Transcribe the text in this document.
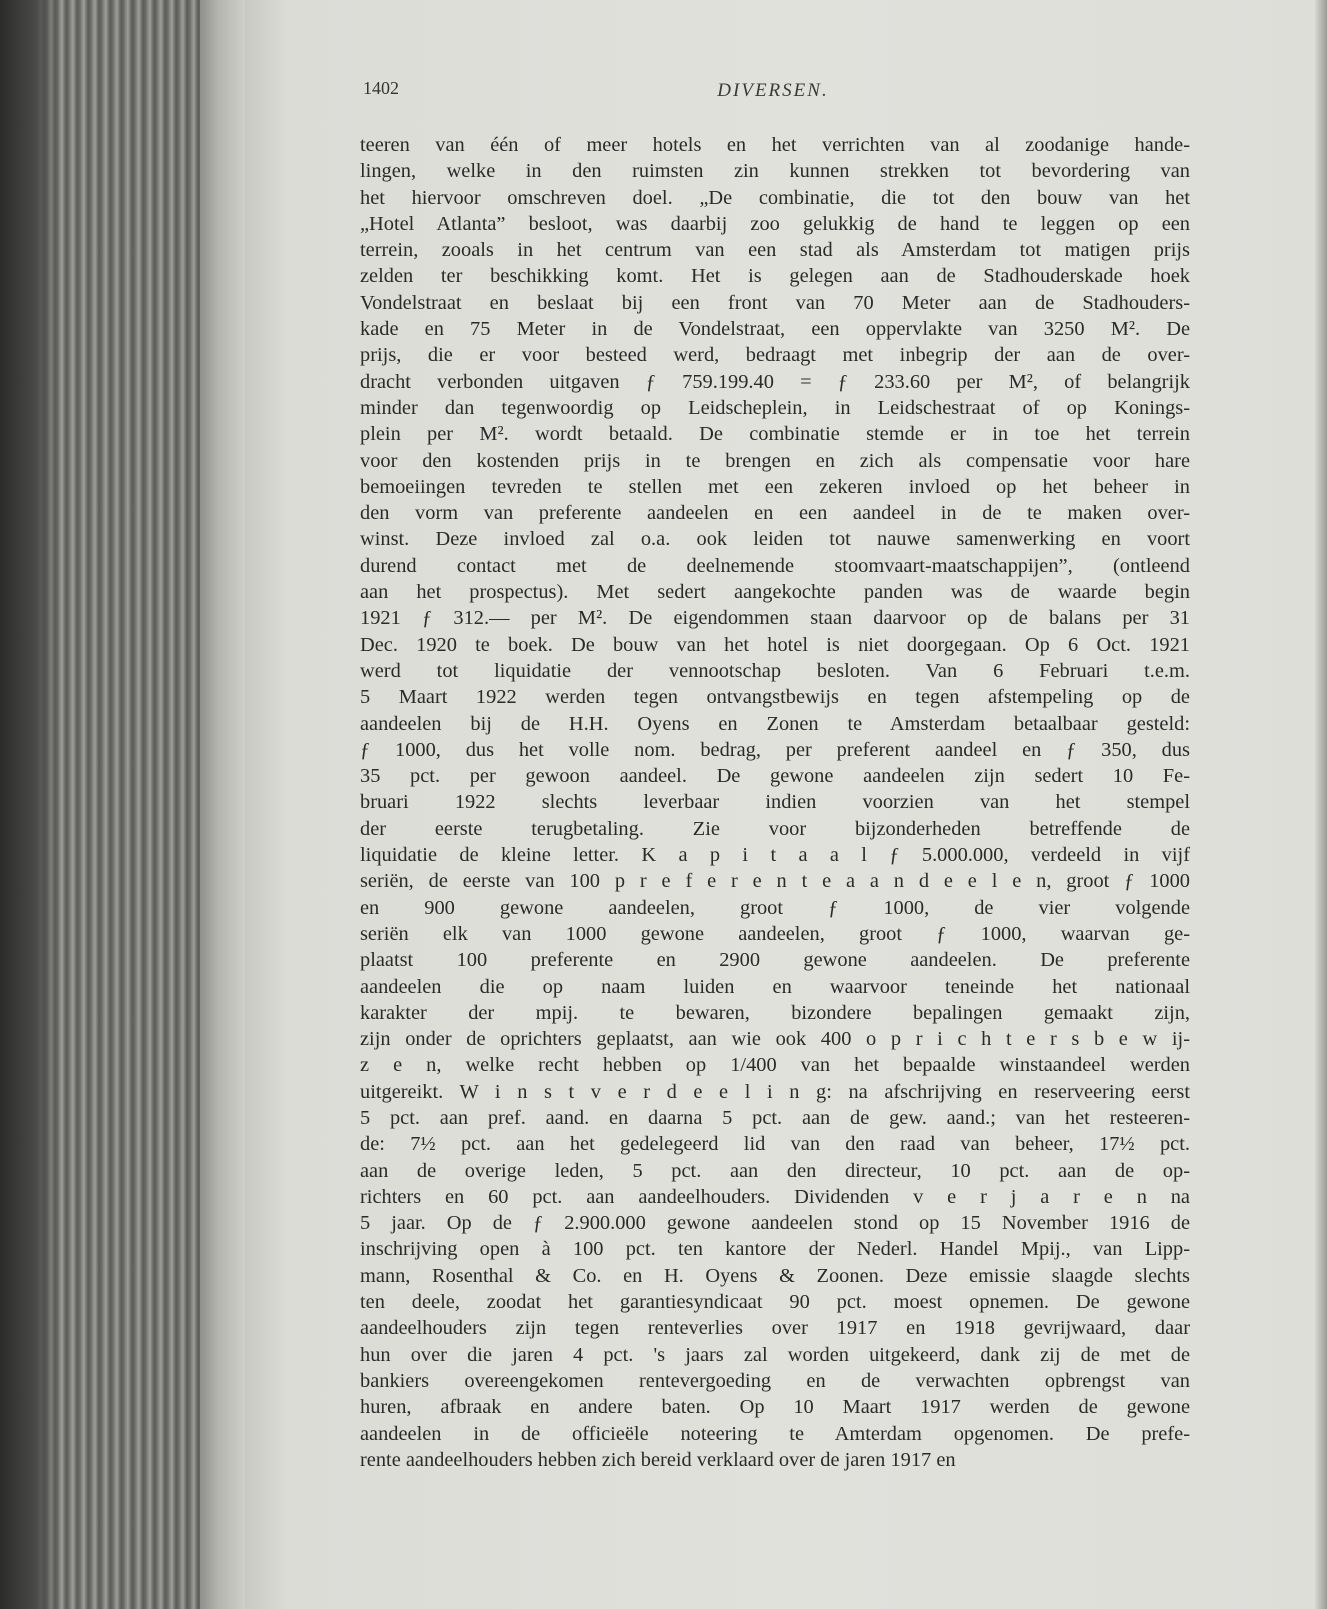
1402	DIVERSEN.
teeren van één of meer hotels en het verrichten van al zoodanige hande-
lingen, welke in den ruimsten zin kunnen strekken tot bevordering van
het hiervoor omschreven doel. „De combinatie, die tot den bouw van het
„Hotel Atlanta” besloot, was daarbij zoo gelukkig de hand te leggen op een
terrein, zooals in het centrum van een stad als Amsterdam tot matigen prijs
zelden ter beschikking komt. Het is gelegen aan de Stadhouderskade hoek
Vondelstraat en beslaat bij een front van 70 Meter aan de Stadhouders-
kade en 75 Meter in de Vondelstraat, een oppervlakte van 3250 M². De
prijs, die er voor besteed werd, bedraagt met inbegrip der aan de over-
dracht verbonden uitgaven ƒ 759.199.40 = ƒ 233.60 per M², of belangrijk
minder dan tegenwoordig op Leidscheplein, in Leidschestraat of op Konings-
plein per M². wordt betaald. De combinatie stemde er in toe het terrein
voor den kostenden prijs in te brengen en zich als compensatie voor hare
bemoeiingen tevreden te stellen met een zekeren invloed op het beheer in
den vorm van preferente aandeelen en een aandeel in de te maken over-
winst. Deze invloed zal o.a. ook leiden tot nauwe samenwerking en voort
durend contact met de deelnemende stoomvaart-maatschappijen”, (ontleend
aan het prospectus). Met sedert aangekochte panden was de waarde begin
1921 ƒ 312.— per M². De eigendommen staan daarvoor op de balans per 31
Dec. 1920 te boek. De bouw van het hotel is niet doorgegaan. Op 6 Oct. 1921
werd tot liquidatie der vennootschap besloten. Van 6 Februari t.e.m.
5 Maart 1922 werden tegen ontvangstbewijs en tegen afstempeling op de
aandeelen bij de H.H. Oyens en Zonen te Amsterdam betaalbaar gesteld:
ƒ 1000, dus het volle nom. bedrag, per preferent aandeel en ƒ 350, dus
35 pct. per gewoon aandeel. De gewone aandeelen zijn sedert 10 Fe-
bruari 1922 slechts leverbaar indien voorzien van het stempel
der eerste terugbetaling. Zie voor bijzonderheden betreffende de
liquidatie de kleine letter. K a p i t a a l ƒ 5.000.000, verdeeld in vijf
seriën, de eerste van 100 p r e f e r e n t e a a n d e e l e n, groot ƒ 1000
en 900 gewone aandeelen, groot ƒ 1000, de vier volgende
seriën elk van 1000 gewone aandeelen, groot ƒ 1000, waarvan ge-
plaatst 100 preferente en 2900 gewone aandeelen. De preferente
aandeelen die op naam luiden en waarvoor teneinde het nationaal
karakter der mpij. te bewaren, bizondere bepalingen gemaakt zijn,
zijn onder de oprichters geplaatst, aan wie ook 400 o p r i c h t e r s b e w ij-
z e n, welke recht hebben op 1/400 van het bepaalde winstaandeel werden
uitgereikt. W i n s t v e r d e e l i n g: na afschrijving en reserveering eerst
5 pct. aan pref. aand. en daarna 5 pct. aan de gew. aand.; van het resteeren-
de: 7½ pct. aan het gedelegeerd lid van den raad van beheer, 17½ pct.
aan de overige leden, 5 pct. aan den directeur, 10 pct. aan de op-
richters en 60 pct. aan aandeelhouders. Dividenden v e r j a r e n na
5 jaar. Op de ƒ 2.900.000 gewone aandeelen stond op 15 November 1916 de
inschrijving open à 100 pct. ten kantore der Nederl. Handel Mpij., van Lipp-
mann, Rosenthal & Co. en H. Oyens & Zoonen. Deze emissie slaagde slechts
ten deele, zoodat het garantiesyndicaat 90 pct. moest opnemen. De gewone
aandeelhouders zijn tegen renteverlies over 1917 en 1918 gevrijwaard, daar
hun over die jaren 4 pct. 's jaars zal worden uitgekeerd, dank zij de met de
bankiers overeengekomen rentevergoeding en de verwachten opbrengst van
huren, afbraak en andere baten. Op 10 Maart 1917 werden de gewone
aandeelen in de officieële noteering te Amterdam opgenomen. De prefe-
rente aandeelhouders hebben zich bereid verklaard over de jaren 1917 en
